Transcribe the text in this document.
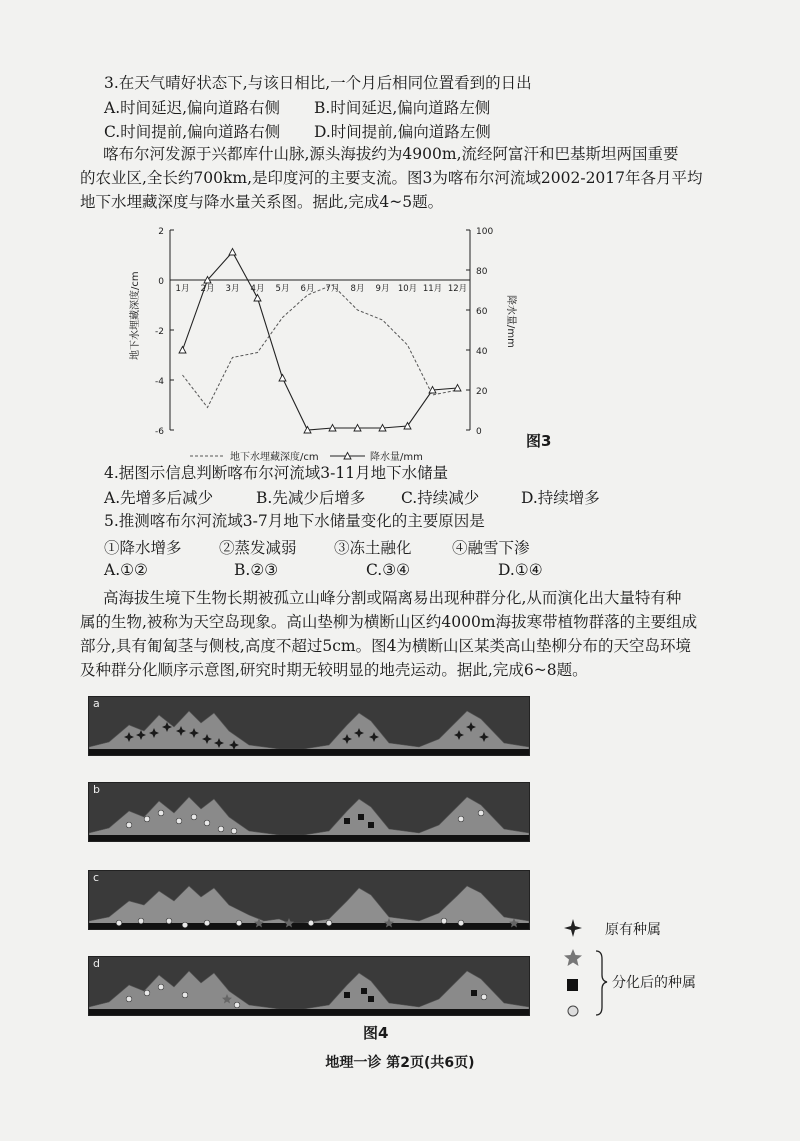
3.在天气晴好状态下,与该日相比,一个月后相同位置看到的日出
A.时间延迟,偏向道路右侧 B.时间延迟,偏向道路左侧
C.时间提前,偏向道路右侧 D.时间提前,偏向道路左侧
喀布尔河发源于兴都库什山脉,源头海拔约为4900m,流经阿富汗和巴基斯坦两国重要
的农业区,全长约700km,是印度河的主要支流。图3为喀布尔河流域2002-2017年各月平均
地下水埋藏深度与降水量关系图。据此,完成4~5题。
2
0
-2
-4
-6
100
80
60
40
20
0
1月 2月 3月 4月 5月 6月 7月 8月 9月 10月 11月 12月
地下水埋藏深度/cm	降水量/mm
地下水埋藏深度/cm	降水量/mm
图3
4.据图示信息判断喀布尔河流域3-11月地下水储量
A.先增多后减少	B.先减少后增多 C.持续减少	D.持续增多
5.推测喀布尔河流域3-7月地下水储量变化的主要原因是
①降水增多 ②蒸发减弱 ③冻土融化	④融雪下渗
A.①②	B.②③	C.③④	D.①④
高海拔生境下生物长期被孤立山峰分割或隔离易出现种群分化,从而演化出大量特有种
属的生物,被称为天空岛现象。高山垫柳为横断山区约4000m海拔寒带植物群落的主要组成
部分,具有匍匐茎与侧枝,高度不超过5cm。图4为横断山区某类高山垫柳分布的天空岛环境
及种群分化顺序示意图,研究时期无较明显的地壳运动。据此,完成6~8题。
a
b
c
d
原有种属
分化后的种属
图4
地理一诊 第2页(共6页)
